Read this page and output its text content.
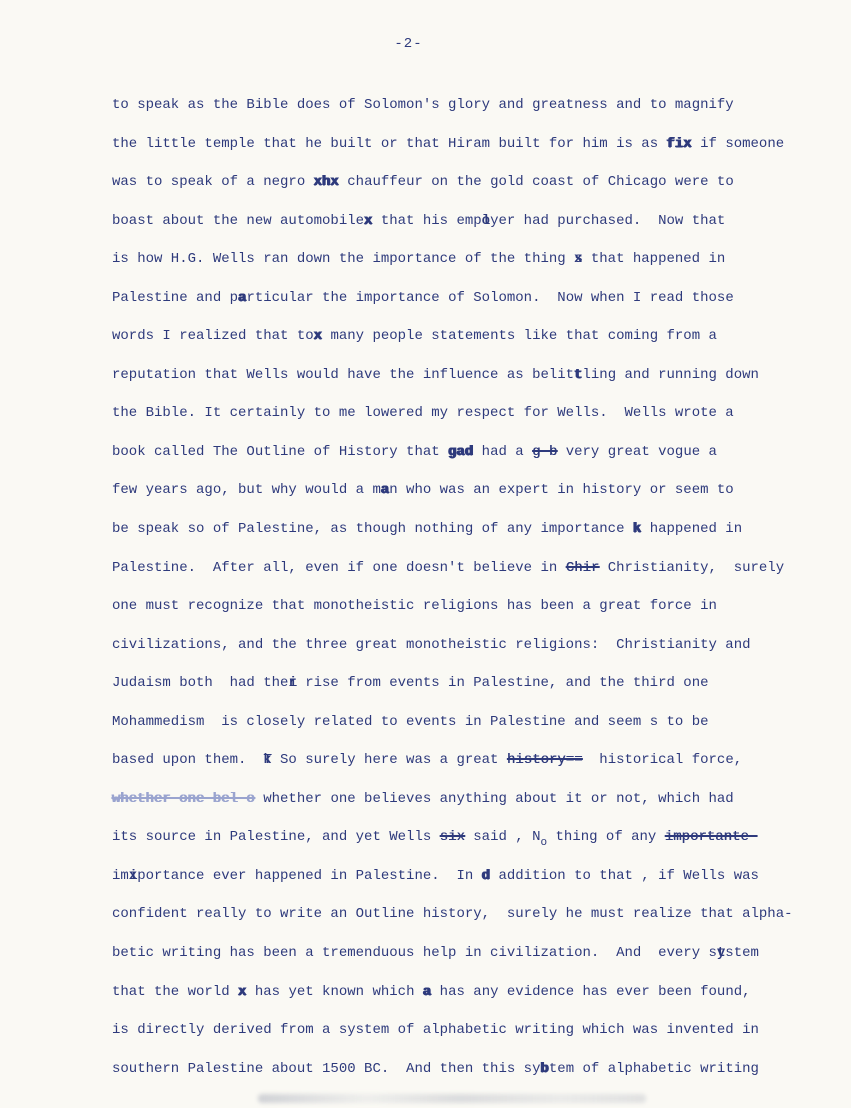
-2-
to speak as the Bible does of Solomon's glory and greatness and to magnify
the little temple that he built or that Hiram built for him is as fix if someone
was to speak of a negro xhx chauffeur on the gold coast of Chicago were to
boast about the new automobilex that his emp yer had purchased.  Now that
is how H.G. Wells ran down the importance of the thing  that happened in
Palestine and particular the importance of Solomon.  Now when I read those
words I realized that tox many people statements like that coming from a
reputation that Wells would have the influence as belittling and running down
the Bible. It certainly to me lowered my respect for Wells.  Wells wrote a
book called The Outline of History that gad had a g-b very great vogue a
few years ago, but why would a man who was an expert in history or seem to
be speak so of Palestine, as though nothing of any importance k happened in
Palestine.  After all, even if one doesn't believe in Chir Christianity,  surely
one must recognize that monotheistic religions has been a great force in
civilizations, and the three great monotheistic religions:  Christianity and
Judaism both  had the rise from events in Palestine, and the third one
Mohammedism  is closely related to events in Palestine and seem s to be
based upon them.   So surely here was a great history==  historical force,
whether one bel o whether one believes anything about it or not, which had
its source in Palestine, and yet Wells six said , $N_o$ thing of any importante-
im portance ever happened in Palestine.  In d addition to that , if Wells was
confident really to write an Outline history,  surely he must realize that alpha-
betic writing has been a tremenduous help in civilization.  And  every s stem
that the world x has yet known which a has any evidence has ever been found,
is directly derived from a system of alphabetic writing which was invented in
southern Palestine about 1500 BC.  And then this sybtem of alphabetic writing
